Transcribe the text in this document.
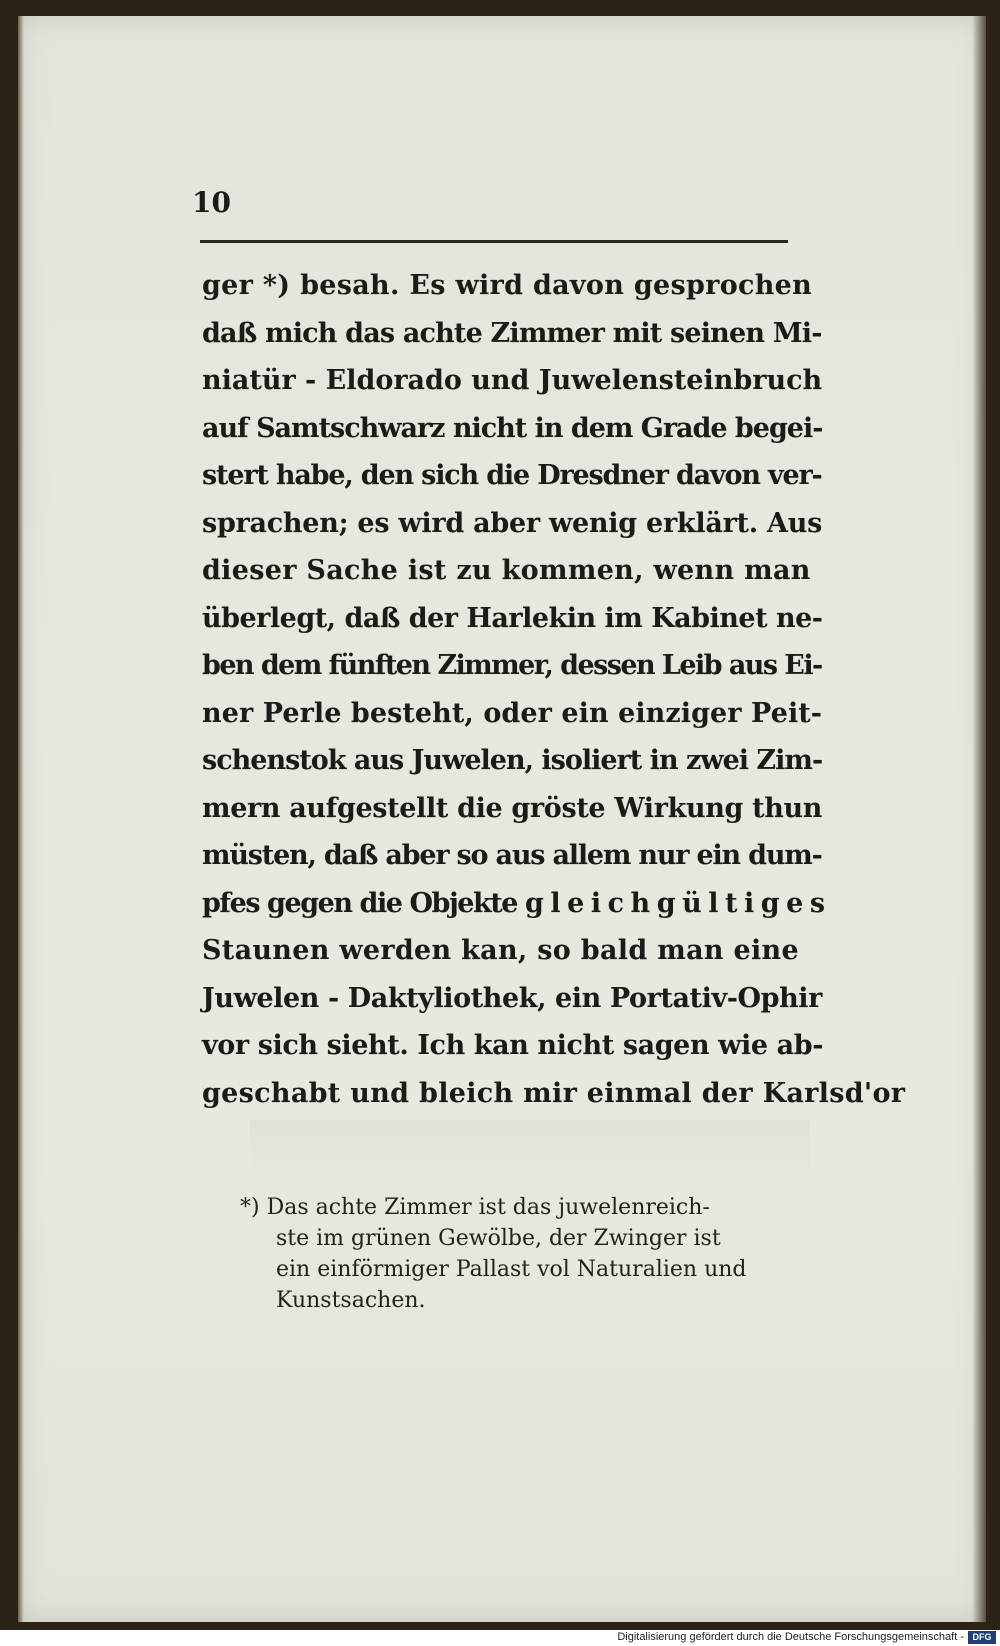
10
ger *) besah. Es wird davon gesprochen
daß mich das achte Zimmer mit seinen Mi-
niatür - Eldorado und Juwelensteinbruch
auf Samtschwarz nicht in dem Grade begei-
stert habe, den sich die Dresdner davon ver-
sprachen; es wird aber wenig erklärt. Aus
dieser Sache ist zu kommen, wenn man
überlegt, daß der Harlekin im Kabinet ne-
ben dem fünften Zimmer, dessen Leib aus Ei-
ner Perle besteht, oder ein einziger Peit-
schenstok aus Juwelen, isoliert in zwei Zim-
mern aufgestellt die gröste Wirkung thun
müsten, daß aber so aus allem nur ein dum-
pfes gegen die Objekte g l e i c h g ü l t i g e s
Staunen werden kan, so bald man eine
Juwelen - Daktyliothek, ein Portativ-Ophir
vor sich sieht. Ich kan nicht sagen wie ab-
geschabt und bleich mir einmal der Karlsd'or
*) Das achte Zimmer ist das juwelenreich-
ste im grünen Gewölbe, der Zwinger ist
ein einförmiger Pallast vol Naturalien und
Kunstsachen.
Digitalisierung gefördert durch die Deutsche Forschungsgemeinschaft - DFG
